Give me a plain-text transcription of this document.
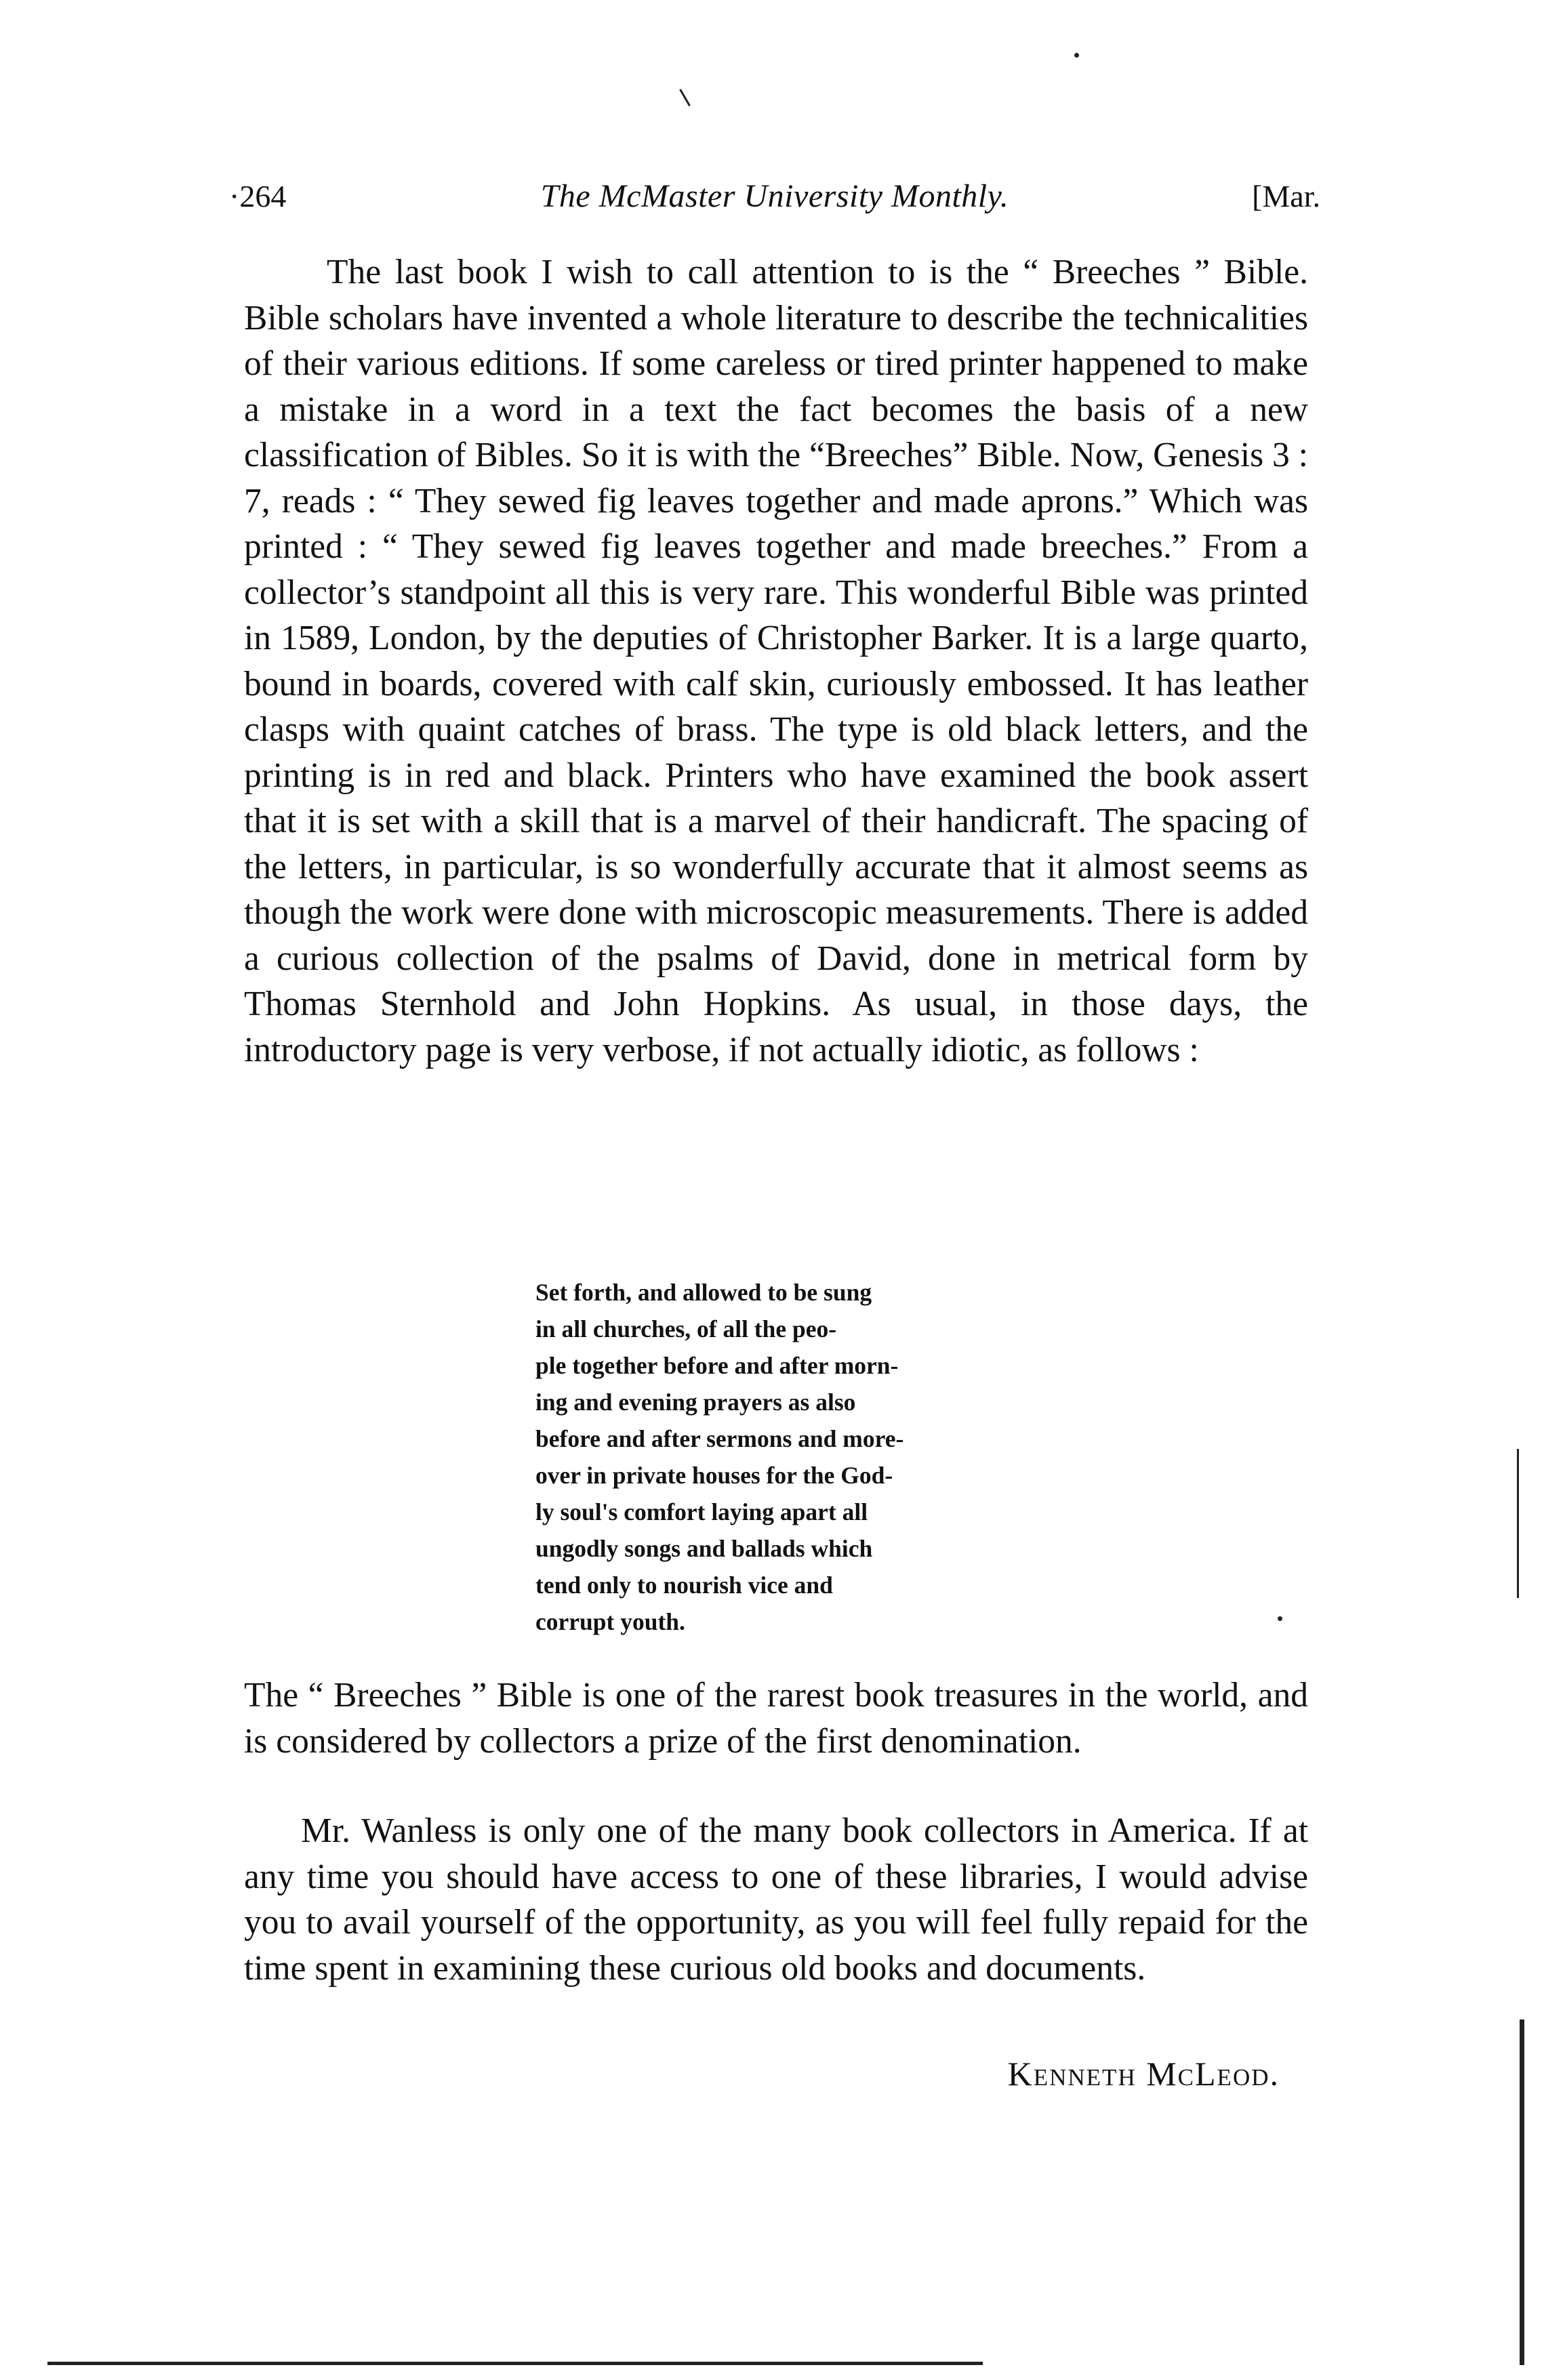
·264	The McMaster University Monthly.	[Mar.

The last book I wish to call attention to is the “ Breeches ” Bible. Bible scholars have invented a whole literature to describe the technicalities of their various editions. If some careless or tired printer happened to make a mistake in a word in a text the fact becomes the basis of a new classification of Bibles. So it is with the “Breeches” Bible. Now, Genesis 3 : 7, reads : “ They sewed fig leaves together and made aprons.” Which was printed : “ They sewed fig leaves together and made breeches.” From a collector’s standpoint all this is very rare. This wonderful Bible was printed in 1589, London, by the deputies of Christopher Barker. It is a large quarto, bound in boards, covered with calf skin, curiously embossed. It has leather clasps with quaint catches of brass. The type is old black letters, and the printing is in red and black. Printers who have examined the book assert that it is set with a skill that is a marvel of their handicraft. The spacing of the letters, in particular, is so wonderfully accurate that it almost seems as though the work were done with microscopic measurements. There is added a curious collection of the psalms of David, done in metrical form by Thomas Sternhold and John Hopkins. As usual, in those days, the introductory page is very verbose, if not actually idiotic, as follows :

Set forth, and allowed to be sung
in all churches, of all the peo-
ple together before and after morn-
ing and evening prayers as also
before and after sermons and more-
over in private houses for the God-
ly soul's comfort laying apart all
ungodly songs and ballads which
tend only to nourish vice and
corrupt youth.

The “ Breeches ” Bible is one of the rarest book treasures in the world, and is considered by collectors a prize of the first denomination.

Mr. Wanless is only one of the many book collectors in America. If at any time you should have access to one of these libraries, I would advise you to avail yourself of the opportunity, as you will feel fully repaid for the time spent in examining these curious old books and documents.

Kenneth McLeod.
